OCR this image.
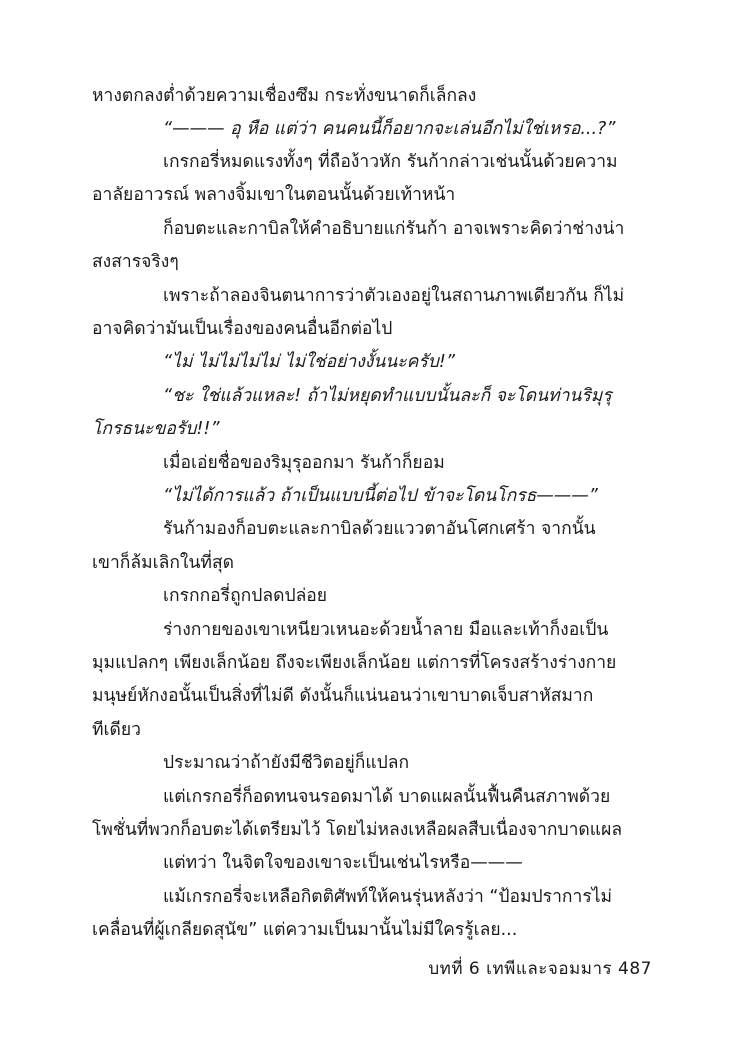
หางตกลงต่ำด้วยความเชื่องซึม กระทั่งขนาดก็เล็กลง
“——— อุ หือ แต่ว่า คนคนนี้ก็อยากจะเล่นอีกไม่ใช่เหรอ...?”
เกรกอรี่หมดแรงทั้งๆ ที่ถือง้าวหัก รันก้ากล่าวเช่นนั้นด้วยความ
อาลัยอาวรณ์ พลางจิ้มเขาในตอนนั้นด้วยเท้าหน้า
ก็อบตะและกาบิลให้คำอธิบายแก่รันก้า อาจเพราะคิดว่าช่างน่า
สงสารจริงๆ
เพราะถ้าลองจินตนาการว่าตัวเองอยู่ในสถานภาพเดียวกัน ก็ไม่
อาจคิดว่ามันเป็นเรื่องของคนอื่นอีกต่อไป
“ไม่ ไม่ไม่ไม่ไม่ ไม่ใช่อย่างงั้นนะครับ!”
“ชะ ใช่แล้วแหละ! ถ้าไม่หยุดทำแบบนั้นละก็ จะโดนท่านริมุรุ
โกรธนะขอรับ!!”
เมื่อเอ่ยชื่อของริมุรุออกมา รันก้าก็ยอม
“ไม่ได้การแล้ว ถ้าเป็นแบบนี้ต่อไป ข้าจะโดนโกรธ———”
รันก้ามองก็อบตะและกาบิลด้วยแววตาอันโศกเศร้า จากนั้น
เขาก็ล้มเลิกในที่สุด
เกรกกอรี่ถูกปลดปล่อย
ร่างกายของเขาเหนียวเหนอะด้วยน้ำลาย มือและเท้าก็งอเป็น
มุมแปลกๆ เพียงเล็กน้อย ถึงจะเพียงเล็กน้อย แต่การที่โครงสร้างร่างกาย
มนุษย์หักงอนั้นเป็นสิ่งที่ไม่ดี ดังนั้นก็แน่นอนว่าเขาบาดเจ็บสาหัสมาก
ทีเดียว
ประมาณว่าถ้ายังมีชีวิตอยู่ก็แปลก
แต่เกรกอรี่ก็อดทนจนรอดมาได้ บาดแผลนั้นฟื้นคืนสภาพด้วย
โพชั่นที่พวกก็อบตะได้เตรียมไว้ โดยไม่หลงเหลือผลสืบเนื่องจากบาดแผล
แต่ทว่า ในจิตใจของเขาจะเป็นเช่นไรหรือ———
แม้เกรกอรี่จะเหลือกิตติศัพท์ให้คนรุ่นหลังว่า “ป้อมปราการไม่
เคลื่อนที่ผู้เกลียดสุนัข” แต่ความเป็นมานั้นไม่มีใครรู้เลย...
บทที่ 6 เทพีและจอมมาร 487
